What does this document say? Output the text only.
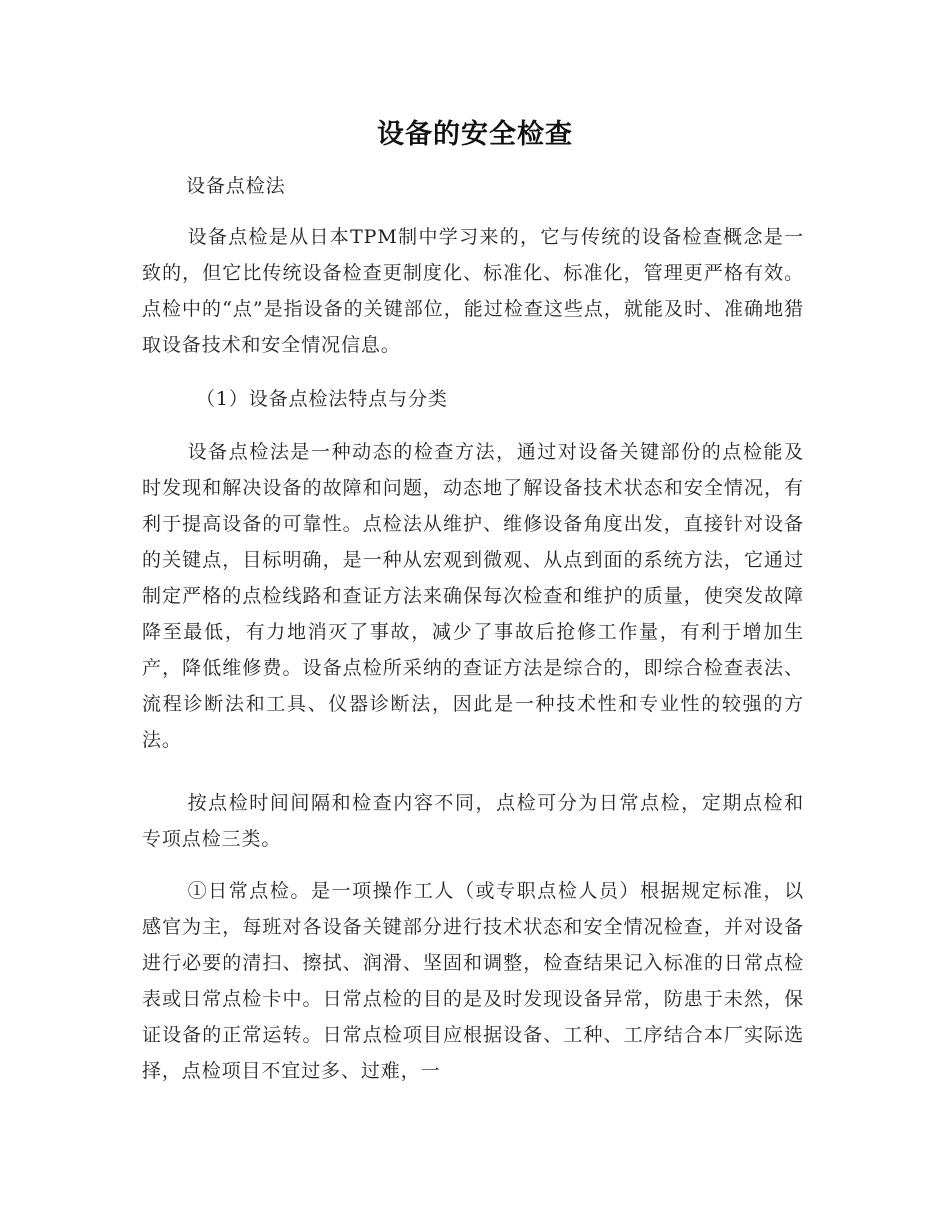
设备的安全检查

设备点检法

设备点检是从日本TPM制中学习来的，它与传统的设备检查概念是一致的，但它比传统设备检查更制度化、标准化、标准化，管理更严格有效。点检中的“点”是指设备的关键部位，能过检查这些点，就能及时、准确地猎取设备技术和安全情况信息。

（1）设备点检法特点与分类

设备点检法是一种动态的检查方法，通过对设备关键部份的点检能及时发现和解决设备的故障和问题，动态地了解设备技术状态和安全情况，有利于提高设备的可靠性。点检法从维护、维修设备角度出发，直接针对设备的关键点，目标明确，是一种从宏观到微观、从点到面的系统方法，它通过制定严格的点检线路和查证方法来确保每次检查和维护的质量，使突发故障降至最低，有力地消灭了事故，减少了事故后抢修工作量，有利于增加生产，降低维修费。设备点检所采纳的查证方法是综合的，即综合检查表法、流程诊断法和工具、仪器诊断法，因此是一种技术性和专业性的较强的方法。

按点检时间间隔和检查内容不同，点检可分为日常点检，定期点检和专项点检三类。

①日常点检。是一项操作工人（或专职点检人员）根据规定标准，以感官为主，每班对各设备关键部分进行技术状态和安全情况检查，并对设备进行必要的清扫、擦拭、润滑、坚固和调整，检查结果记入标准的日常点检表或日常点检卡中。日常点检的目的是及时发现设备异常，防患于未然，保证设备的正常运转。日常点检项目应根据设备、工种、工序结合本厂实际选择，点检项目不宜过多、过难，一
